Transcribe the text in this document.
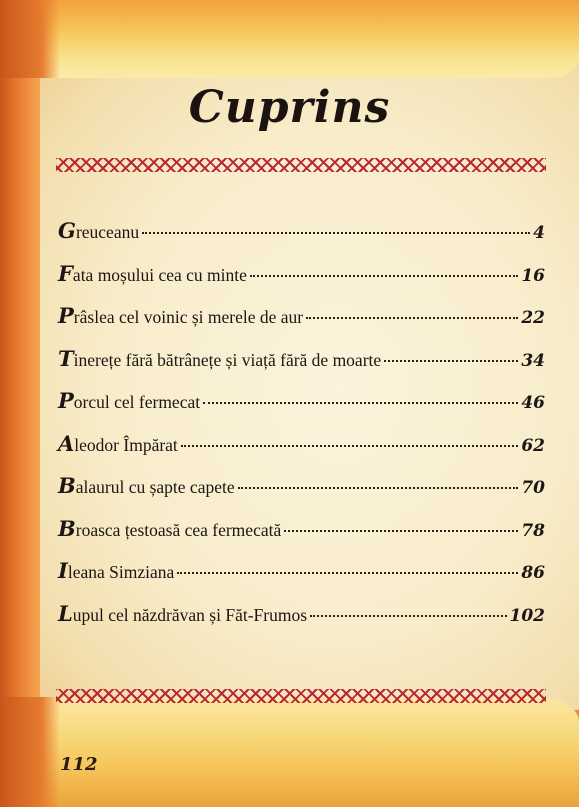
Cuprins
Greuceanu	4
Fata moșului cea cu minte	16
Prâslea cel voinic și merele de aur	22
Tinerețe fără bătrânețe și viață fără de moarte	34
Porcul cel fermecat	46
Aleodor Împărat	62
Balaurul cu șapte capete	70
Broasca țestoasă cea fermecată	78
Ileana Simziana	86
Lupul cel năzdrăvan și Făt-Frumos	102
112
